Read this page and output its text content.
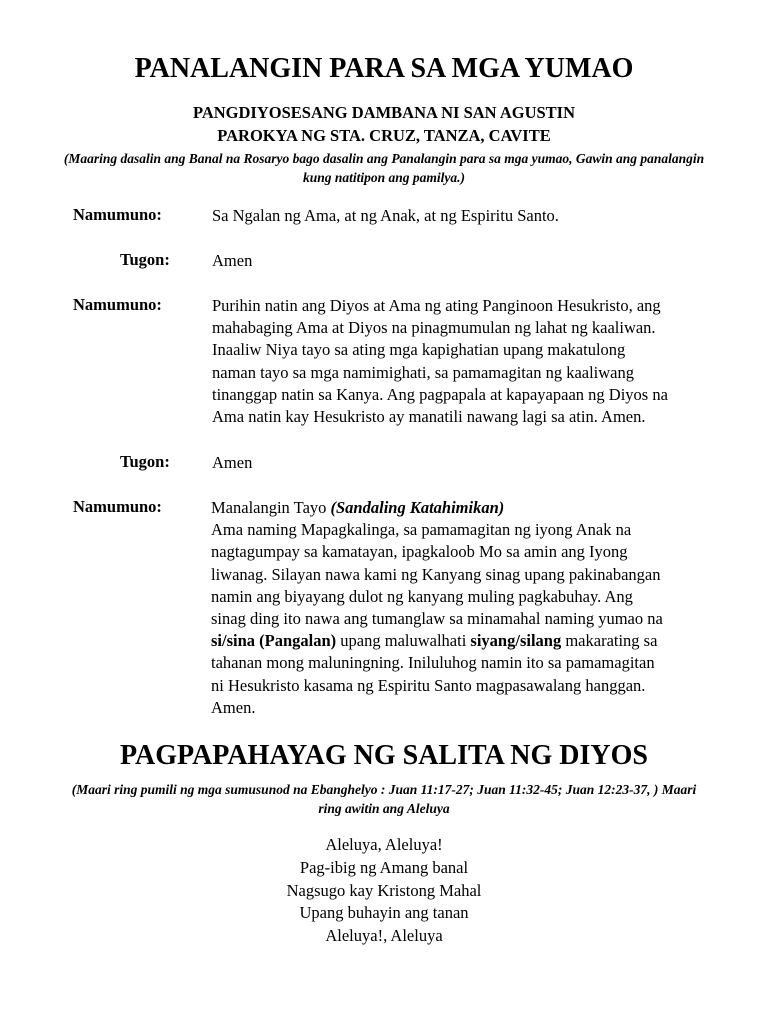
PANALANGIN PARA SA MGA YUMAO
PANGDIYOSESANG DAMBANA NI SAN AGUSTIN
PAROKYA NG STA. CRUZ, TANZA, CAVITE
(Maaring dasalin ang Banal na Rosaryo bago dasalin ang Panalangin para sa mga yumao, Gawin ang panalangin kung natitipon ang pamilya.)
Namumuno:	Sa Ngalan ng Ama, at ng Anak, at ng Espiritu Santo.
Tugon:	Amen
Namumuno:	Purihin natin ang Diyos at Ama ng ating Panginoon Hesukristo, ang
mahabaging Ama at Diyos na pinagmumulan ng lahat ng kaaliwan.
Inaaliw Niya tayo sa ating mga kapighatian upang makatulong
naman tayo sa mga namimighati, sa pamamagitan ng kaaliwang
tinanggap natin sa Kanya. Ang pagpapala at kapayapaan ng Diyos na
Ama natin kay Hesukristo ay manatili nawang lagi sa atin. Amen.
Tugon:	Amen
Namumuno:	Manalangin Tayo (Sandaling Katahimikan)
Ama naming Mapagkalinga, sa pamamagitan ng iyong Anak na
nagtagumpay sa kamatayan, ipagkaloob Mo sa amin ang Iyong
liwanag. Silayan nawa kami ng Kanyang sinag upang pakinabangan
namin ang biyayang dulot ng kanyang muling pagkabuhay. Ang
sinag ding ito nawa ang tumanglaw sa minamahal naming yumao na
si/sina (Pangalan) upang maluwalhati siyang/silang makarating sa
tahanan mong maluningning. Iniluluhog namin ito sa pamamagitan
ni Hesukristo kasama ng Espiritu Santo magpasawalang hanggan.
Amen.
PAGPAPAHAYAG NG SALITA NG DIYOS
(Maari ring pumili ng mga sumusunod na Ebanghelyo : Juan 11:17-27; Juan 11:32-45; Juan 12:23-37, ) Maari ring awitin ang Aleluya
Aleluya, Aleluya!
Pag-ibig ng Amang banal
Nagsugo kay Kristong Mahal
Upang buhayin ang tanan
Aleluya!, Aleluya
